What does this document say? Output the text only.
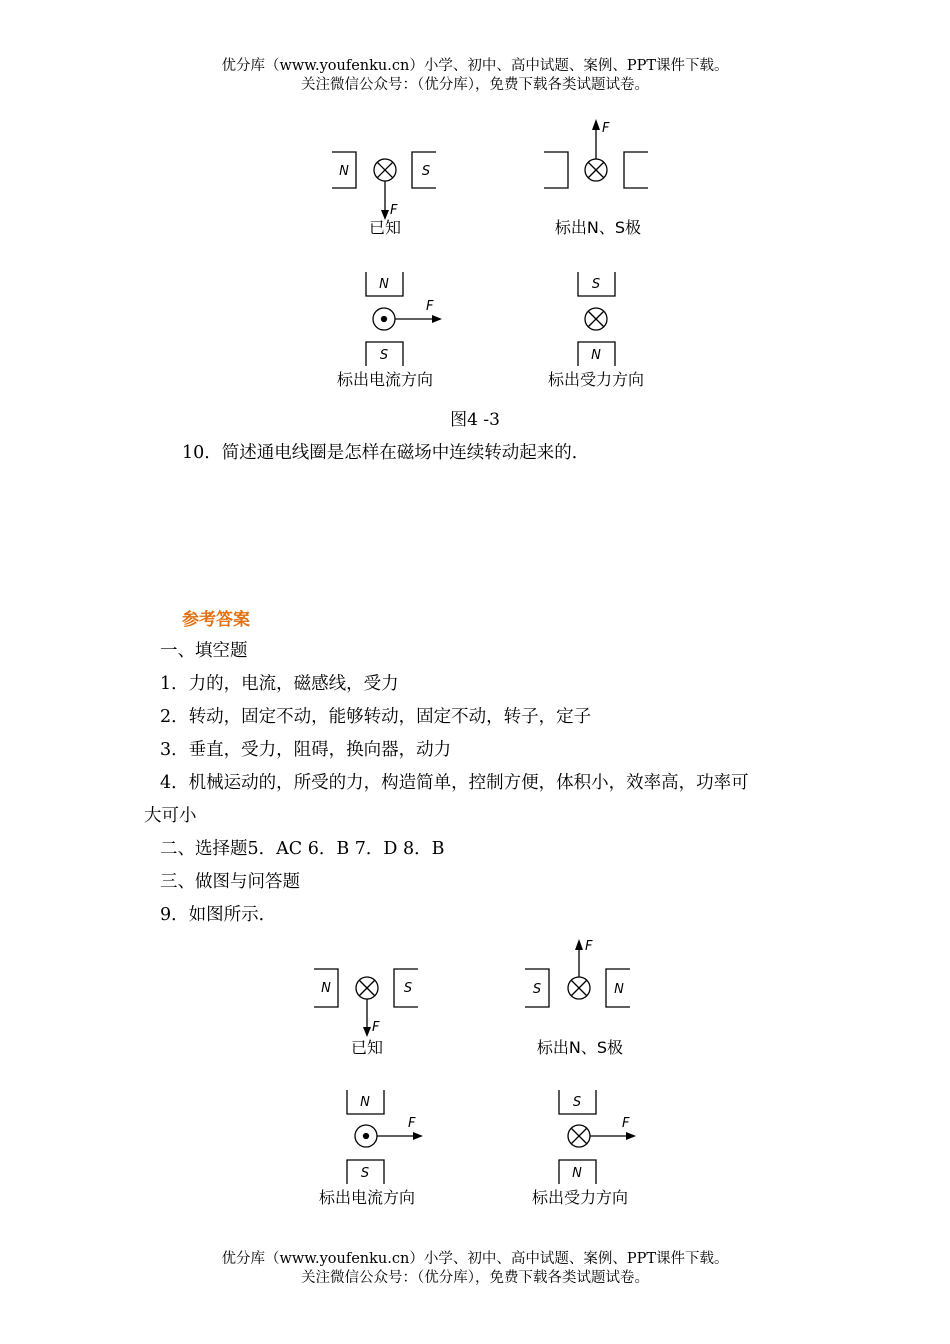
优分库（www.youfenku.cn）小学、初中、高中试题、案例、PPT课件下载。
关注微信公众号：（优分库），免费下载各类试题试卷。
N	S
F
已知
F
标出N、S极
N
S
F
标出电流方向
S
N
标出受力方向
图4 -3
10．简述通电线圈是怎样在磁场中连续转动起来的．
参考答案
一、填空题
1．力的，电流，磁感线，受力
2．转动，固定不动，能够转动，固定不动，转子，定子
3．垂直，受力，阻碍，换向器，动力
4．机械运动的，所受的力，构造简单，控制方便，体积小，效率高，功率可
大可小
二、选择题5．AC 6．B 7．D 8．B
三、做图与问答题
9．如图所示．
N	S
F
已知
S	N
F
标出N、S极
N
S
F
标出电流方向
S
N
F
标出受力方向
优分库（www.youfenku.cn）小学、初中、高中试题、案例、PPT课件下载。
关注微信公众号：（优分库），免费下载各类试题试卷。
